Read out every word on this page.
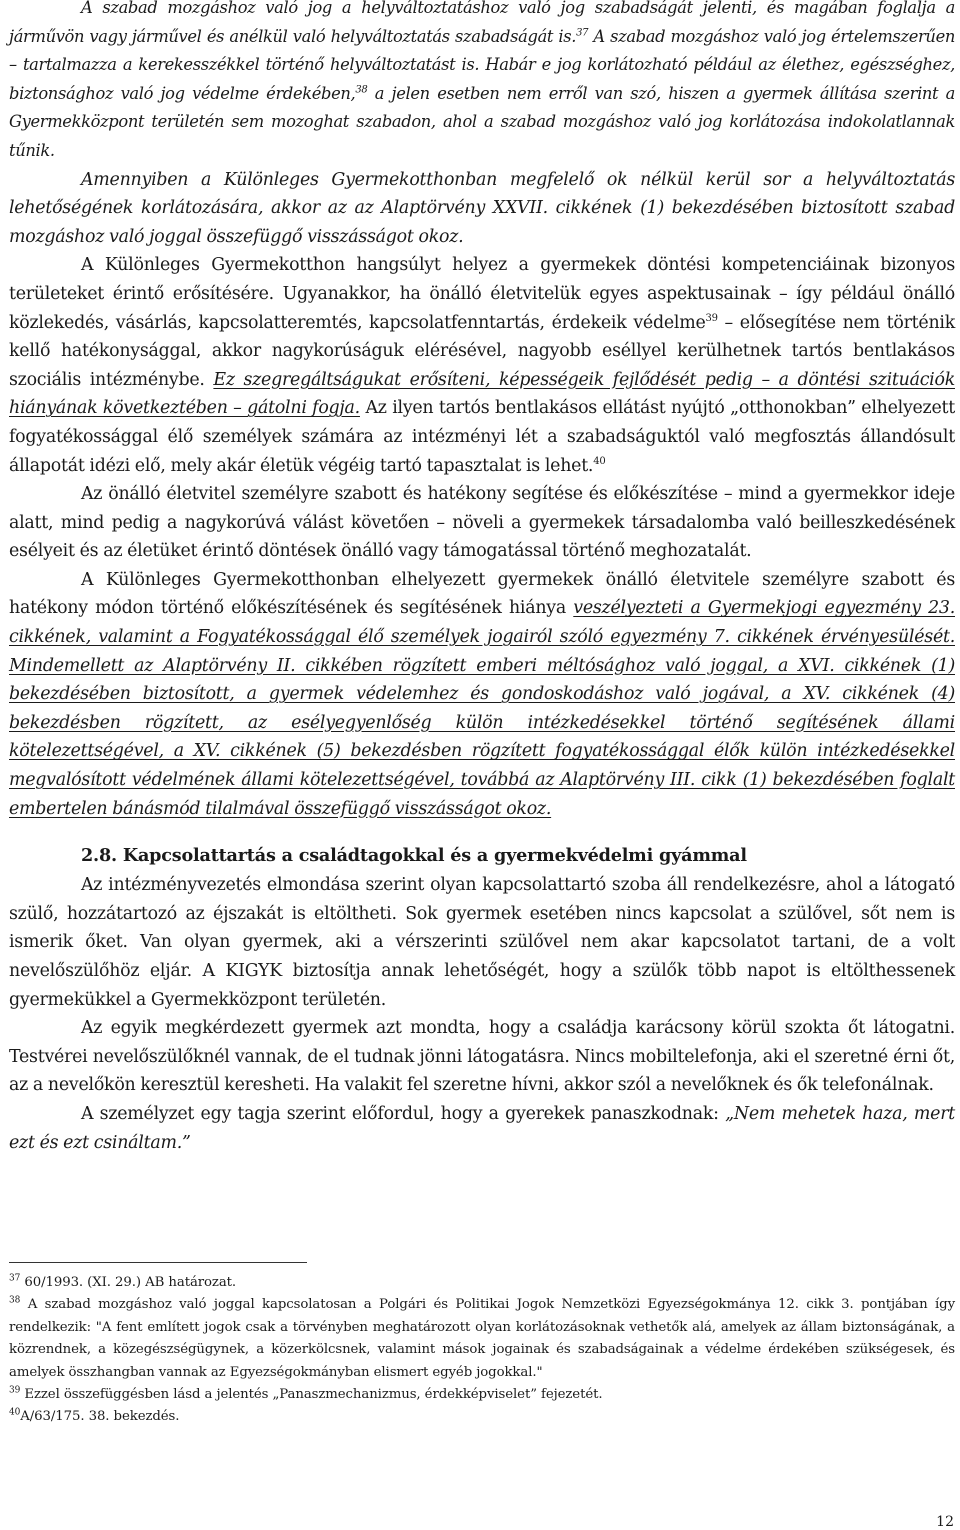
A szabad mozgáshoz való jog a helyváltoztatáshoz való jog szabadságát jelenti, és magában foglalja a járművön vagy járművel és anélkül való helyváltoztatás szabadságát is.$^{37}$ A szabad mozgáshoz való jog értelemszerűen – tartalmazza a kerekesszékkel történő helyváltoztatást is. Habár e jog korlátozható például az élethez, egészséghez, biztonsághoz való jog védelme érdekében,$^{38}$ a jelen esetben nem erről van szó, hiszen a gyermek állítása szerint a Gyermekközpont területén sem mozoghat szabadon, ahol a szabad mozgáshoz való jog korlátozása indokolatlannak tűnik.

Amennyiben a Különleges Gyermekotthonban megfelelő ok nélkül kerül sor a helyváltoztatás lehetőségének korlátozására, akkor az az Alaptörvény XXVII. cikkének (1) bekezdésében biztosított szabad mozgáshoz való joggal összefüggő visszásságot okoz.

A Különleges Gyermekotthon hangsúlyt helyez a gyermekek döntési kompetenciáinak bizonyos területeket érintő erősítésére. Ugyanakkor, ha önálló életvitelük egyes aspektusainak – így például önálló közlekedés, vásárlás, kapcsolatteremtés, kapcsolatfenntartás, érdekeik védelme$^{39}$ – elősegítése nem történik kellő hatékonysággal, akkor nagykorúságuk elérésével, nagyobb eséllyel kerülhetnek tartós bentlakásos szociális intézménybe. Ez szegregáltságukat erősíteni, képességeik fejlődését pedig – a döntési szituációk hiányának következtében – gátolni fogja. Az ilyen tartós bentlakásos ellátást nyújtó „otthonokban” elhelyezett fogyatékossággal élő személyek számára az intézményi lét a szabadságuktól való megfosztás állandósult állapotát idézi elő, mely akár életük végéig tartó tapasztalat is lehet.$^{40}$

Az önálló életvitel személyre szabott és hatékony segítése és előkészítése – mind a gyermekkor ideje alatt, mind pedig a nagykorúvá válást követően – növeli a gyermekek társadalomba való beilleszkedésének esélyeit és az életüket érintő döntések önálló vagy támogatással történő meghozatalát.

A Különleges Gyermekotthonban elhelyezett gyermekek önálló életvitele személyre szabott és hatékony módon történő előkészítésének és segítésének hiánya veszélyezteti a Gyermekjogi egyezmény 23. cikkének, valamint a Fogyatékossággal élő személyek jogairól szóló egyezmény 7. cikkének érvényesülését. Mindemellett az Alaptörvény II. cikkében rögzített emberi méltósághoz való joggal, a XVI. cikkének (1) bekezdésében biztosított, a gyermek védelemhez és gondoskodáshoz való jogával, a XV. cikkének (4) bekezdésben rögzített, az esélyegyenlőség külön intézkedésekkel történő segítésének állami kötelezettségével, a XV. cikkének (5) bekezdésben rögzített fogyatékossággal élők külön intézkedésekkel megvalósított védelmének állami kötelezettségével, továbbá az Alaptörvény III. cikk (1) bekezdésében foglalt embertelen bánásmód tilalmával összefüggő visszásságot okoz.

2.8. Kapcsolattartás a családtagokkal és a gyermekvédelmi gyámmal

Az intézményvezetés elmondása szerint olyan kapcsolattartó szoba áll rendelkezésre, ahol a látogató szülő, hozzátartozó az éjszakát is eltöltheti. Sok gyermek esetében nincs kapcsolat a szülővel, sőt nem is ismerik őket. Van olyan gyermek, aki a vérszerinti szülővel nem akar kapcsolatot tartani, de a volt nevelőszülőhöz eljár. A KIGYK biztosítja annak lehetőségét, hogy a szülők több napot is eltölthessenek gyermekükkel a Gyermekközpont területén.

Az egyik megkérdezett gyermek azt mondta, hogy a családja karácsony körül szokta őt látogatni. Testvérei nevelőszülőknél vannak, de el tudnak jönni látogatásra. Nincs mobiltelefonja, aki el szeretné érni őt, az a nevelőkön keresztül keresheti. Ha valakit fel szeretne hívni, akkor szól a nevelőknek és ők telefonálnak.

A személyzet egy tagja szerint előfordul, hogy a gyerekek panaszkodnak: „Nem mehetek haza, mert ezt és ezt csináltam.”

$^{37}$ 60/1993. (XI. 29.) AB határozat.

$^{38}$ A szabad mozgáshoz való joggal kapcsolatosan a Polgári és Politikai Jogok Nemzetközi Egyezségokmánya 12. cikk 3. pontjában így rendelkezik: "A fent említett jogok csak a törvényben meghatározott olyan korlátozásoknak vethetők alá, amelyek az állam biztonságának, a közrendnek, a közegészségügynek, a közerkölcsnek, valamint mások jogainak és szabadságainak a védelme érdekében szükségesek, és amelyek összhangban vannak az Egyezségokmányban elismert egyéb jogokkal."

$^{39}$ Ezzel összefüggésben lásd a jelentés „Panaszmechanizmus, érdekképviselet” fejezetét.

$^{40}$A/63/175. 38. bekezdés.

12
